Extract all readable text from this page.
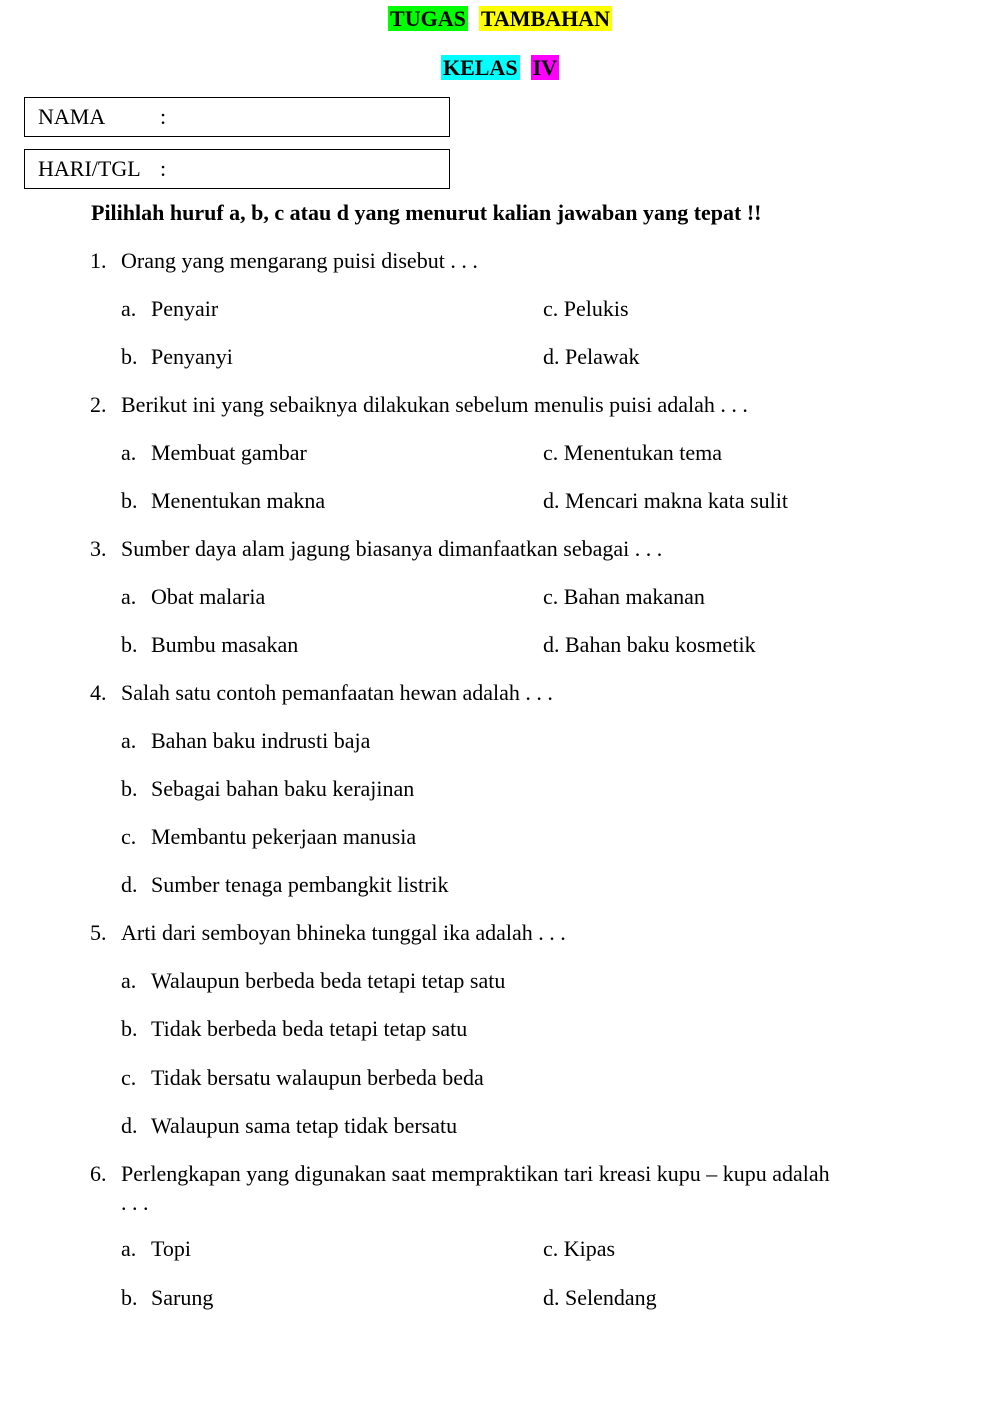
TUGAS TAMBAHAN
KELAS IV
NAMA :
HARI/TGL :
Pilihlah huruf a, b, c atau d yang menurut kalian jawaban yang tepat !!
1. Orang yang mengarang puisi disebut . . .
a. Penyair
b. Penyanyi
c. Pelukis
d. Pelawak
2. Berikut ini yang sebaiknya dilakukan sebelum menulis puisi adalah . . .
a. Membuat gambar
b. Menentukan makna
c. Menentukan tema
d. Mencari makna kata sulit
3. Sumber daya alam jagung biasanya dimanfaatkan sebagai . . .
a. Obat malaria
b. Bumbu masakan
c. Bahan makanan
d. Bahan baku kosmetik
4. Salah satu contoh pemanfaatan hewan adalah . . .
a. Bahan baku indrusti baja
b. Sebagai bahan baku kerajinan
c. Membantu pekerjaan manusia
d. Sumber tenaga pembangkit listrik
5. Arti dari semboyan bhineka tunggal ika adalah . . .
a. Walaupun berbeda beda tetapi tetap satu
b. Tidak berbeda beda tetapi tetap satu
c. Tidak bersatu walaupun berbeda beda
d. Walaupun sama tetap tidak bersatu
6. Perlengkapan yang digunakan saat mempraktikan tari kreasi kupu – kupu adalah
. . .
a. Topi
b. Sarung
c. Kipas
d. Selendang
